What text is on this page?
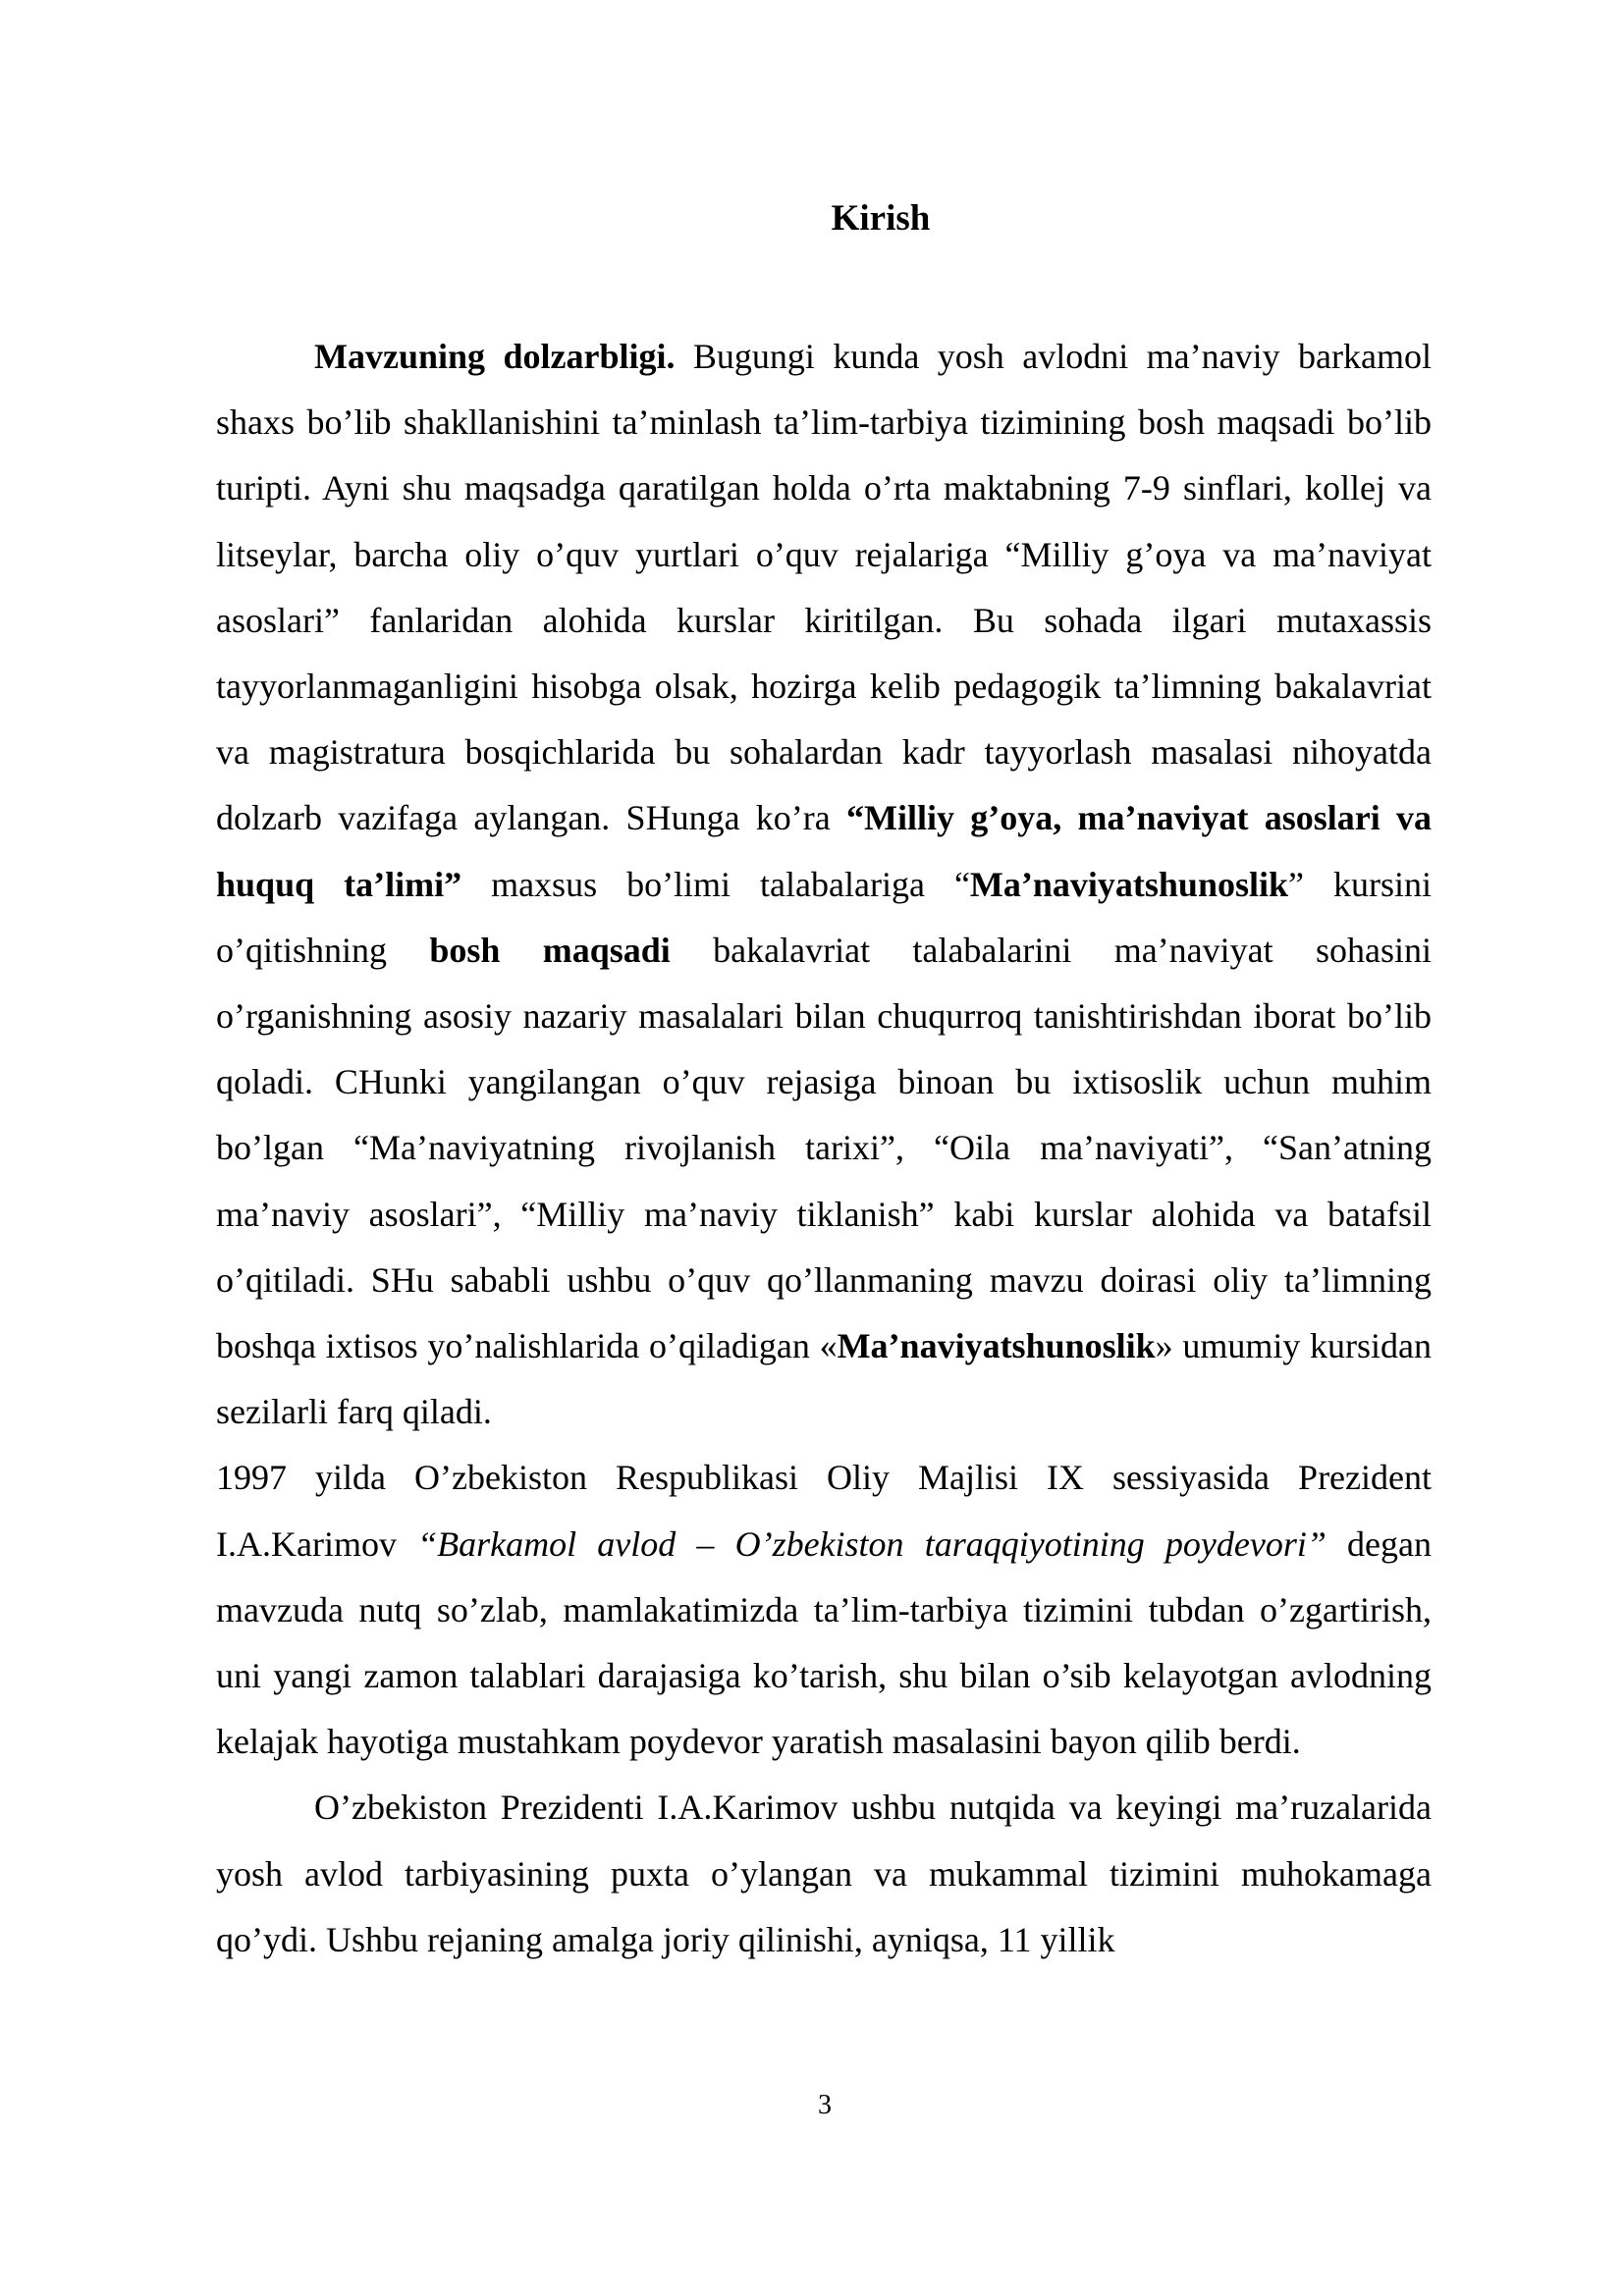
Kirish

Mavzuning dolzarbligi. Bugungi kunda yosh avlodni ma’naviy barkamol shaxs bo’lib shakllanishini ta’minlash ta’lim-tarbiya tizimining bosh maqsadi bo’lib turipti. Ayni shu maqsadga qaratilgan holda o’rta maktabning 7-9 sinflari, kollej va litseylar, barcha oliy o’quv yurtlari o’quv rejalariga “Milliy g’oya va ma’naviyat asoslari” fanlaridan alohida kurslar kiritilgan. Bu sohada ilgari mutaxassis tayyorlanmaganligini hisobga olsak, hozirga kelib pedagogik ta’limning bakalavriat va magistratura bosqichlarida bu sohalardan kadr tayyorlash masalasi nihoyatda dolzarb vazifaga aylangan. SHunga ko’ra “Milliy g’oya, ma’naviyat asoslari va huquq ta’limi” maxsus bo’limi talabalariga “Ma’naviyatshunoslik” kursini o’qitishning bosh maqsadi bakalavriat talabalarini ma’naviyat sohasini o’rganishning asosiy nazariy masalalari bilan chuqurroq tanishtirishdan iborat bo’lib qoladi. CHunki yangilangan o’quv rejasiga binoan bu ixtisoslik uchun muhim bo’lgan “Ma’naviyatning rivojlanish tarixi”, “Oila ma’naviyati”, “San’atning ma’naviy asoslari”, “Milliy ma’naviy tiklanish” kabi kurslar alohida va batafsil o’qitiladi. SHu sababli ushbu o’quv qo’llanmaning mavzu doirasi oliy ta’limning boshqa ixtisos yo’nalishlarida o’qiladigan «Ma’naviyatshunoslik» umumiy kursidan sezilarli farq qiladi.

1997 yilda O’zbekiston Respublikasi Oliy Majlisi IX sessiyasida Prezident I.A.Karimov “Barkamol avlod – O’zbekiston taraqqiyotining poydevori” degan mavzuda nutq so’zlab, mamlakatimizda ta’lim-tarbiya tizimini tubdan o’zgartirish, uni yangi zamon talablari darajasiga ko’tarish, shu bilan o’sib kelayotgan avlodning kelajak hayotiga mustahkam poydevor yaratish masalasini bayon qilib berdi.

O’zbekiston Prezidenti I.A.Karimov ushbu nutqida va keyingi ma’ruzalarida yosh avlod tarbiyasining puxta o’ylangan va mukammal tizimini muhokamaga qo’ydi. Ushbu rejaning amalga joriy qilinishi, ayniqsa, 11 yillik

3
